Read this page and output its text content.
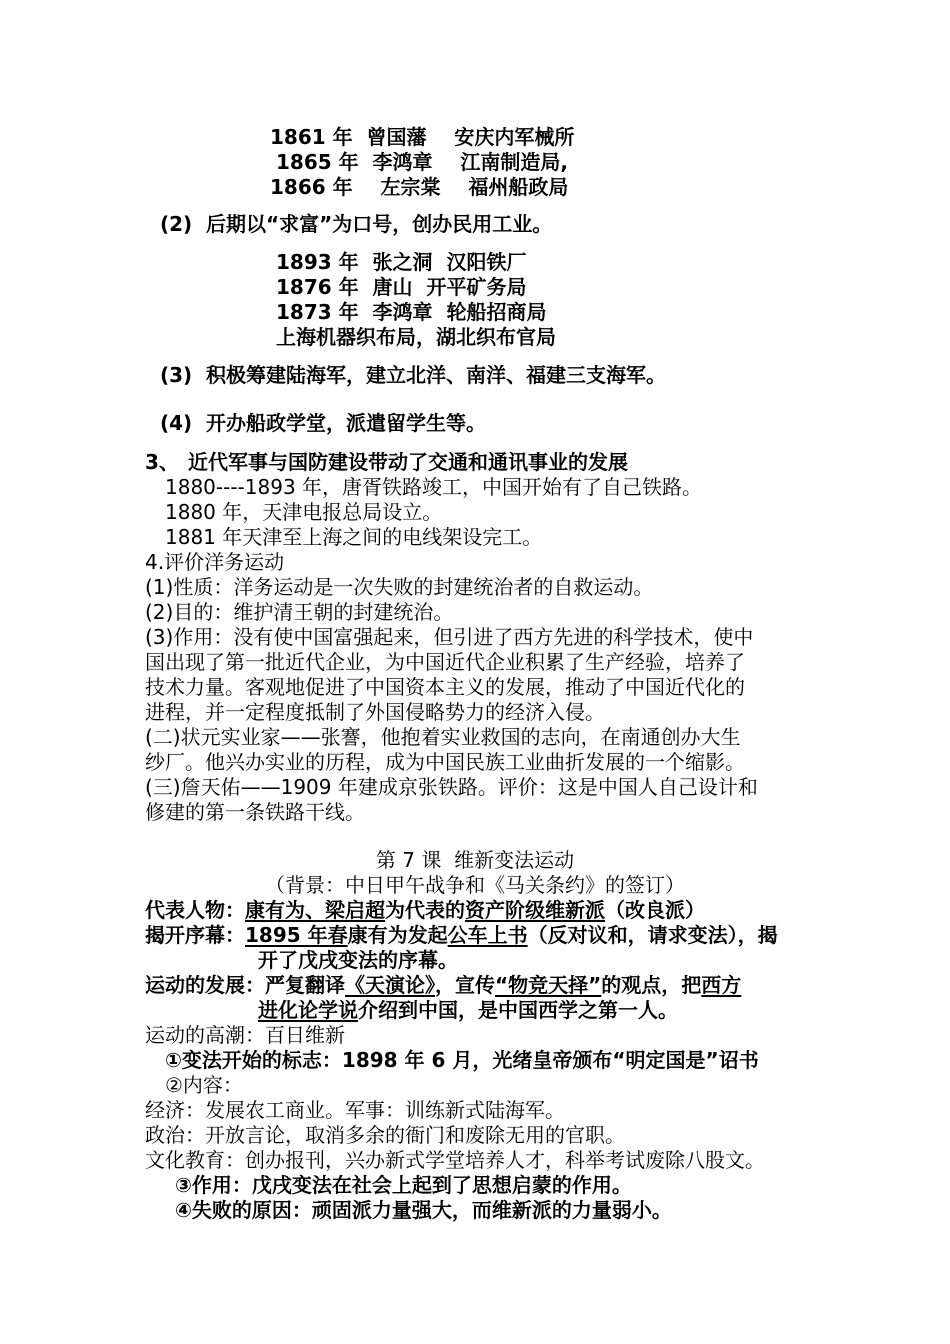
1861 年  曾国藩    安庆内军械所
1865 年  李鸿章    江南制造局,
1866 年    左宗棠    福州船政局
(2) 后期以“求富”为口号，创办民用工业。
1893 年  张之洞  汉阳铁厂
1876 年  唐山  开平矿务局
1873 年  李鸿章  轮船招商局
上海机器织布局，湖北织布官局
(3) 积极筹建陆海军，建立北洋、南洋、福建三支海军。
(4) 开办船政学堂，派遣留学生等。
3、 近代军事与国防建设带动了交通和通讯事业的发展
1880----1893 年，唐胥铁路竣工，中国开始有了自己铁路。
1880 年，天津电报总局设立。
1881 年天津至上海之间的电线架设完工。
4.评价洋务运动
(1)性质：洋务运动是一次失败的封建统治者的自救运动。
(2)目的：维护清王朝的封建统治。
(3)作用：没有使中国富强起来，但引进了西方先进的科学技术，使中
国出现了第一批近代企业，为中国近代企业积累了生产经验，培养了
技术力量。客观地促进了中国资本主义的发展，推动了中国近代化的
进程，并一定程度抵制了外国侵略势力的经济入侵。
(二)状元实业家——张謇，他抱着实业救国的志向，在南通创办大生
纱厂。他兴办实业的历程，成为中国民族工业曲折发展的一个缩影。
(三)詹天佑——1909 年建成京张铁路。评价：这是中国人自己设计和
修建的第一条铁路干线。
第 7 课  维新变法运动
（背景：中日甲午战争和《马关条约》的签订）
代表人物：康有为、梁启超为代表的资产阶级维新派（改良派）
揭开序幕：1895 年春康有为发起公车上书（反对议和，请求变法），揭
开了戊戌变法的序幕。
运动的发展：严复翻译《天演论》，宣传“物竞天择”的观点，把西方
进化论学说介绍到中国，是中国西学之第一人。
运动的高潮：百日维新
①变法开始的标志：1898 年 6 月，光绪皇帝颁布“明定国是”诏书
②内容：
经济：发展农工商业。军事：训练新式陆海军。
政治：开放言论，取消多余的衙门和废除无用的官职。
文化教育：创办报刊，兴办新式学堂培养人才，科举考试废除八股文。
③作用：戊戌变法在社会上起到了思想启蒙的作用。
④失败的原因：顽固派力量强大，而维新派的力量弱小。
